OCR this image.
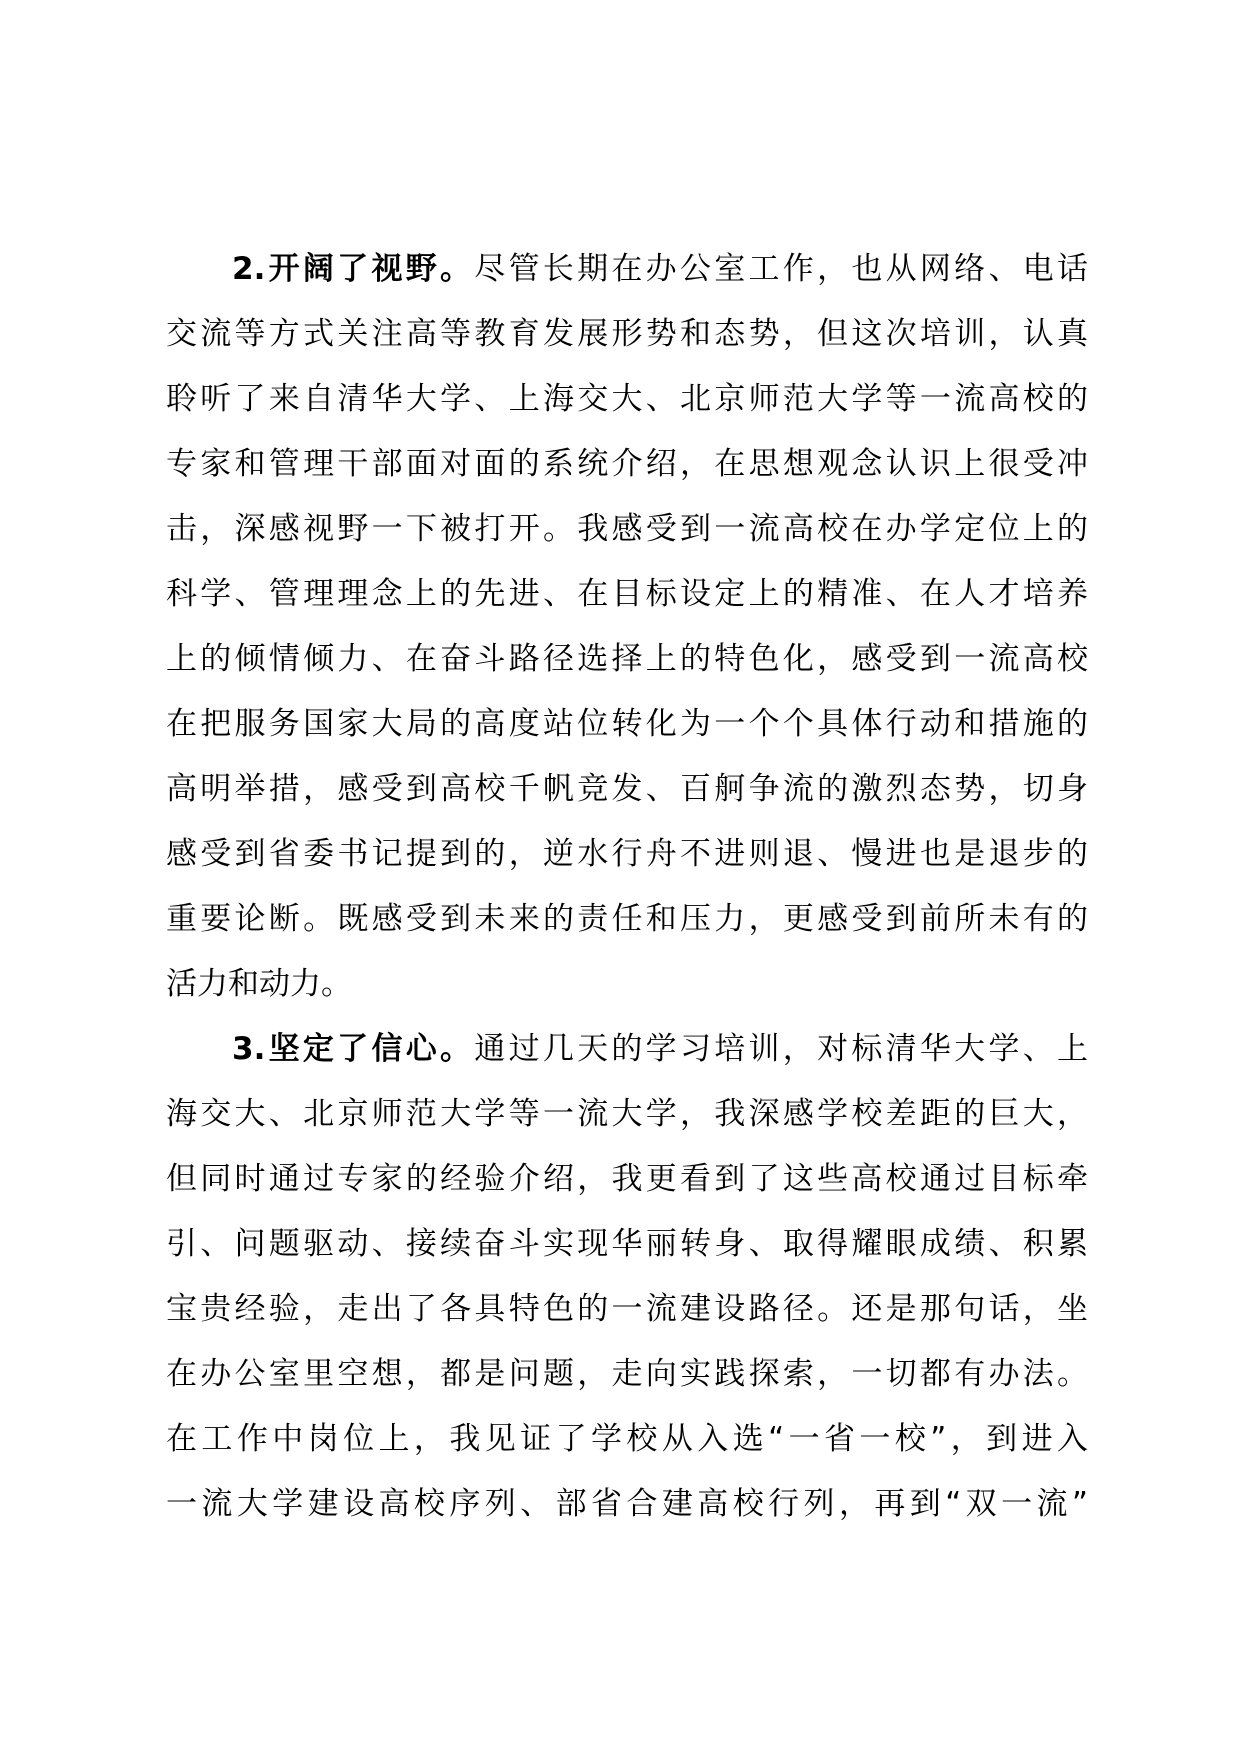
2.开阔了视野。尽管长期在办公室工作，也从网络、电话
交流等方式关注高等教育发展形势和态势，但这次培训，认真
聆听了来自清华大学、上海交大、北京师范大学等一流高校的
专家和管理干部面对面的系统介绍，在思想观念认识上很受冲
击，深感视野一下被打开。我感受到一流高校在办学定位上的
科学、管理理念上的先进、在目标设定上的精准、在人才培养
上的倾情倾力、在奋斗路径选择上的特色化，感受到一流高校
在把服务国家大局的高度站位转化为一个个具体行动和措施的
高明举措，感受到高校千帆竞发、百舸争流的激烈态势，切身
感受到省委书记提到的，逆水行舟不进则退、慢进也是退步的
重要论断。既感受到未来的责任和压力，更感受到前所未有的
活力和动力。
3.坚定了信心。通过几天的学习培训，对标清华大学、上
海交大、北京师范大学等一流大学，我深感学校差距的巨大，
但同时通过专家的经验介绍，我更看到了这些高校通过目标牵
引、问题驱动、接续奋斗实现华丽转身、取得耀眼成绩、积累
宝贵经验，走出了各具特色的一流建设路径。还是那句话，坐
在办公室里空想，都是问题，走向实践探索，一切都有办法。
在工作中岗位上，我见证了学校从入选“一省一校”，到进入
一流大学建设高校序列、部省合建高校行列，再到“双一流”
